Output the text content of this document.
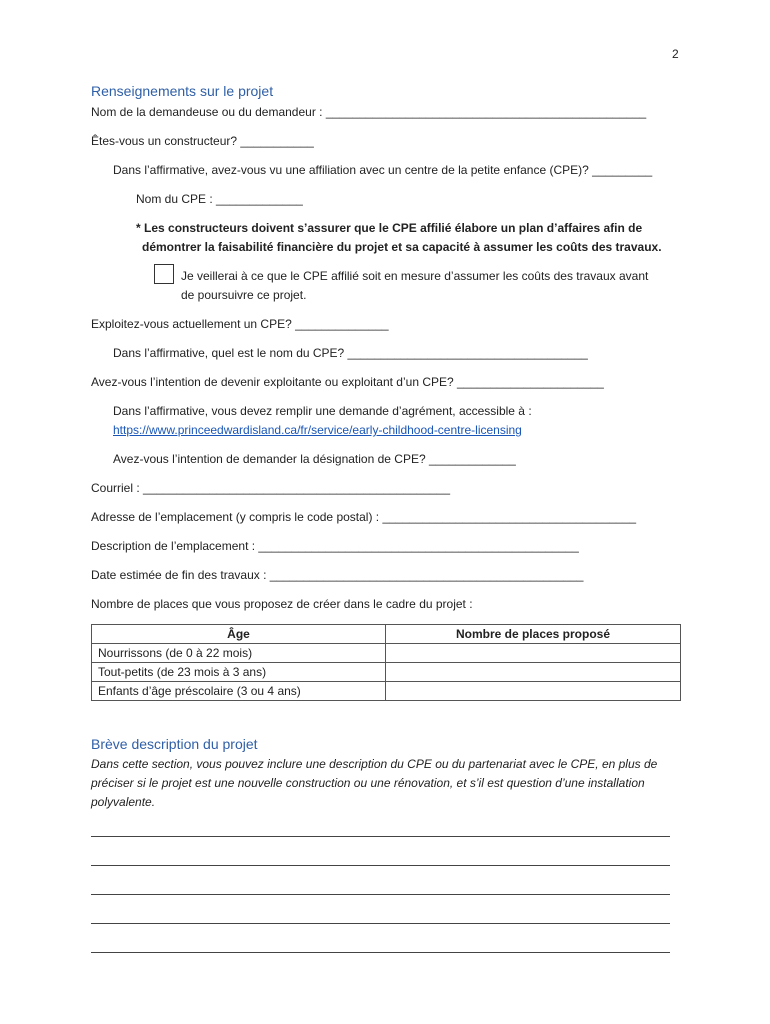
2
Renseignements sur le projet
Nom de la demandeuse ou du demandeur : ________________________________________________
Êtes-vous un constructeur? ___________
Dans l’affirmative, avez-vous vu une affiliation avec un centre de la petite enfance (CPE)? _________
Nom du CPE : _____________
* Les constructeurs doivent s’assurer que le CPE affilié élabore un plan d’affaires afin de
démontrer la faisabilité financière du projet et sa capacité à assumer les coûts des travaux.
Je veillerai à ce que le CPE affilié soit en mesure d’assumer les coûts des travaux avant
de poursuivre ce projet.
Exploitez-vous actuellement un CPE? ______________
Dans l’affirmative, quel est le nom du CPE? ____________________________________
Avez-vous l’intention de devenir exploitante ou exploitant d’un CPE? ______________________
Dans l’affirmative, vous devez remplir une demande d’agrément, accessible à :
https://www.princeedwardisland.ca/fr/service/early-childhood-centre-licensing
Avez-vous l’intention de demander la désignation de CPE? _____________
Courriel : ______________________________________________
Adresse de l’emplacement (y compris le code postal) : ______________________________________
Description de l’emplacement : ________________________________________________
Date estimée de fin des travaux : _______________________________________________
Nombre de places que vous proposez de créer dans le cadre du projet :
Âge	Nombre de places proposé
Nourrissons (de 0 à 22 mois)	
Tout-petits (de 23 mois à 3 ans)	
Enfants d’âge préscolaire (3 ou 4 ans)	
Brève description du projet
Dans cette section, vous pouvez inclure une description du CPE ou du partenariat avec le CPE, en plus de
préciser si le projet est une nouvelle construction ou une rénovation, et s’il est question d’une installation
polyvalente.
